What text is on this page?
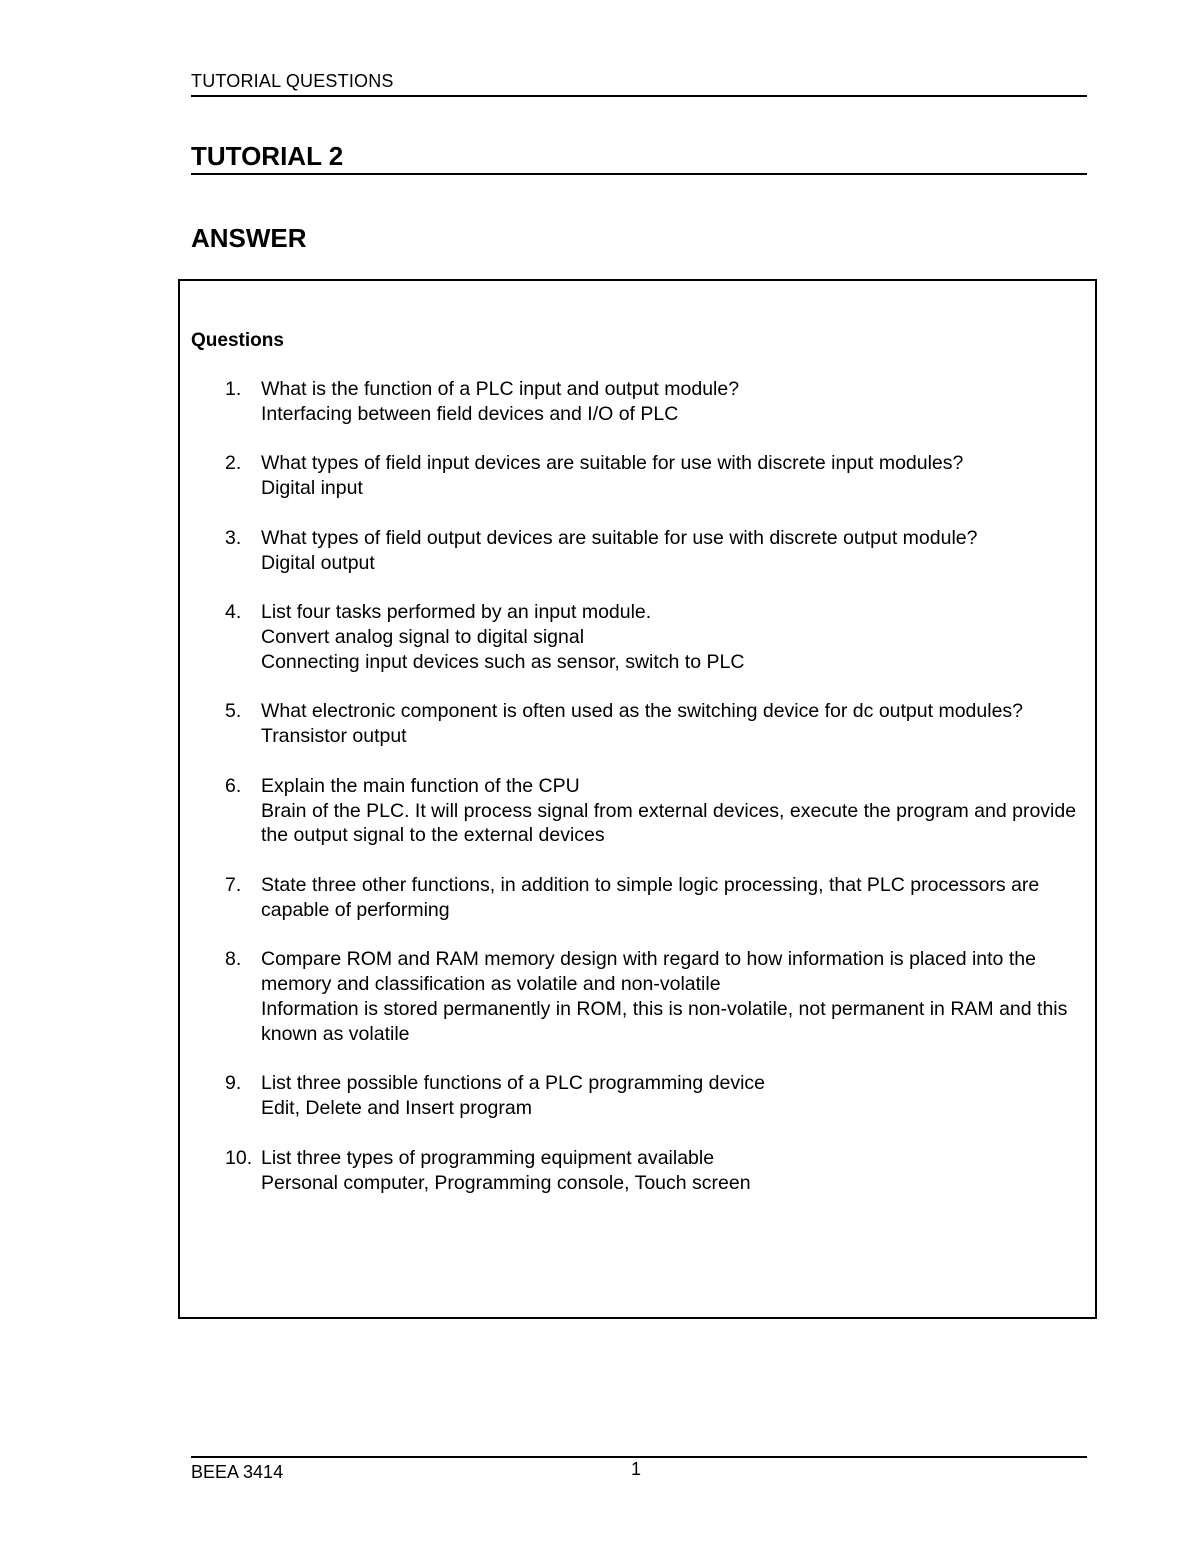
TUTORIAL QUESTIONS
TUTORIAL 2
ANSWER
Questions
1. What is the function of a PLC input and output module?

Interfacing between field devices and I/O of PLC

2. What types of field input devices are suitable for use with discrete input modules?

Digital input

3. What types of field output devices are suitable for use with discrete output module?

Digital output

4. List four tasks performed by an input module.

Convert analog signal to digital signal

Connecting input devices such as sensor, switch to PLC

5. What electronic component is often used as the switching device for dc output modules?

Transistor output

6. Explain the main function of the CPU

Brain of the PLC. It will process signal from external devices, execute the program and provide the output signal to the external devices

7. State three other functions, in addition to simple logic processing, that PLC processors are capable of performing

8. Compare ROM and RAM memory design with regard to how information is placed into the memory and classification as volatile and non-volatile

Information is stored permanently in ROM, this is non-volatile, not permanent in RAM and this known as volatile

9. List three possible functions of a PLC programming device

Edit, Delete and Insert program

10. List three types of programming equipment available

Personal computer, Programming console, Touch screen

BEEA 3414	1
